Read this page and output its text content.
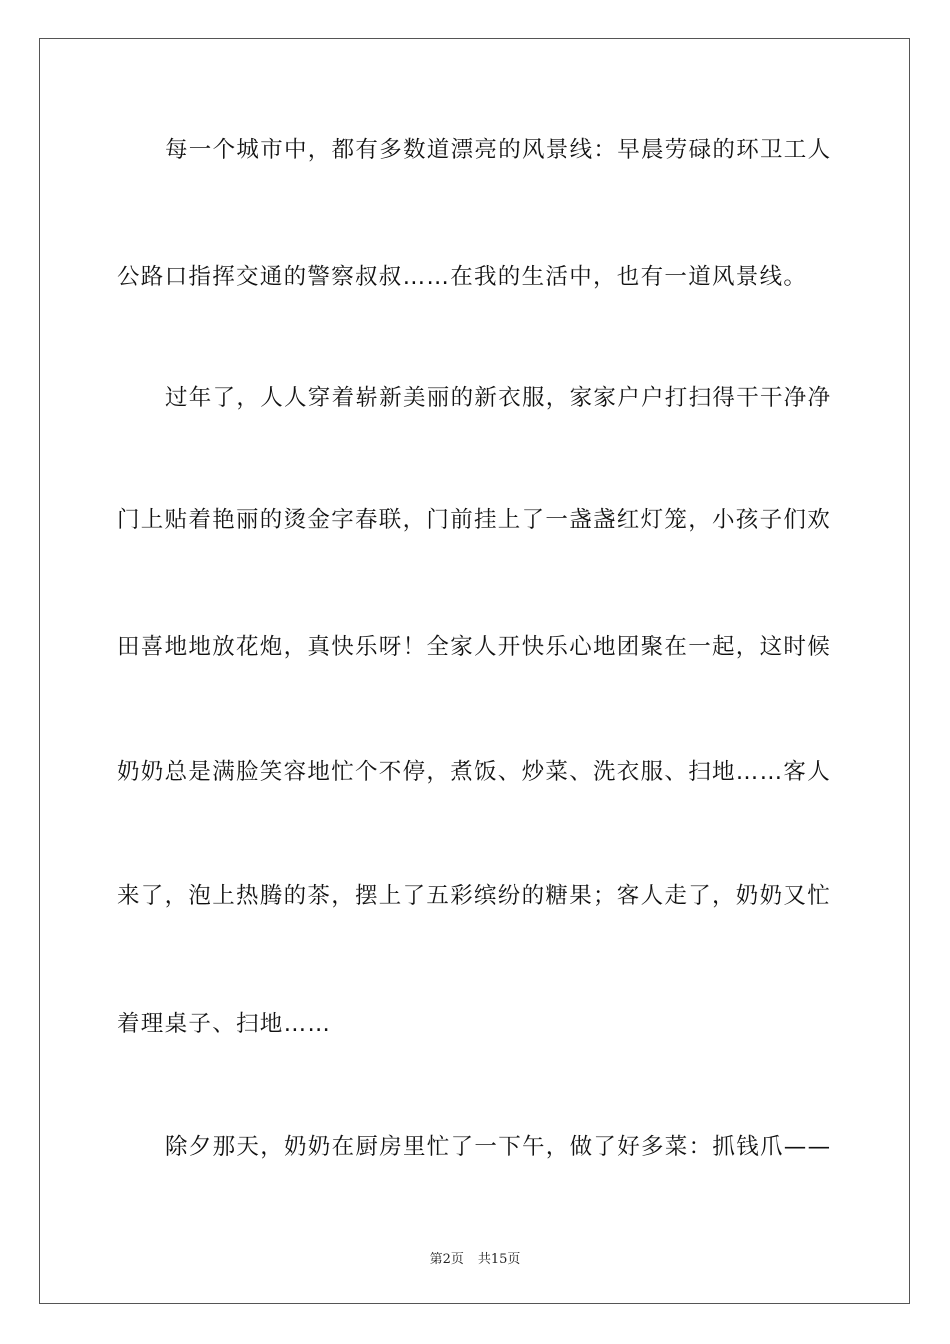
每一个城市中，都有多数道漂亮的风景线：早晨劳碌的环卫工人
公路口指挥交通的警察叔叔……在我的生活中，也有一道风景线。
过年了，人人穿着崭新美丽的新衣服，家家户户打扫得干干净净
门上贴着艳丽的烫金字春联，门前挂上了一盏盏红灯笼，小孩子们欢
田喜地地放花炮，真快乐呀！全家人开快乐心地团聚在一起，这时候
奶奶总是满脸笑容地忙个不停，煮饭、炒菜、洗衣服、扫地……客人
来了，泡上热腾的茶，摆上了五彩缤纷的糖果；客人走了，奶奶又忙
着理桌子、扫地……
除夕那天，奶奶在厨房里忙了一下午，做了好多菜：抓钱爪——
第2页 共15页
